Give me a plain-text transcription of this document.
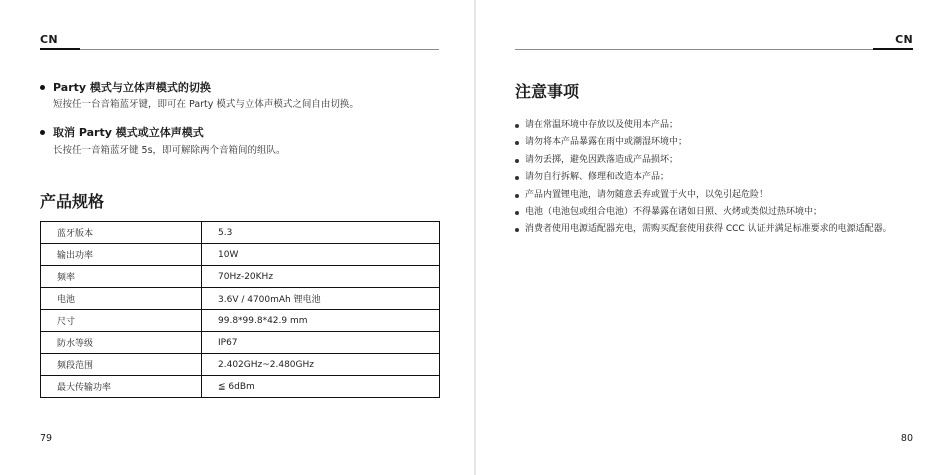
CN
Party 模式与立体声模式的切换
短按任一台音箱蓝牙键，即可在 Party 模式与立体声模式之间自由切换。
取消 Party 模式或立体声模式
长按任一音箱蓝牙键 5s，即可解除两个音箱间的组队。
产品规格
蓝牙版本	5.3
输出功率	10W
频率	70Hz-20KHz
电池	3.6V / 4700mAh 锂电池
尺寸	99.8*99.8*42.9 mm
防水等级	IP67
频段范围	2.402GHz~2.480GHz
最大传输功率	≦ 6dBm
79
CN
注意事项
请在常温环境中存放以及使用本产品；
请勿将本产品暴露在雨中或潮湿环境中；
请勿丢掷，避免因跌落造成产品损坏；
请勿自行拆解、修理和改造本产品；
产品内置锂电池，请勿随意丢弃或置于火中，以免引起危险！
电池（电池包或组合电池）不得暴露在诸如日照、火烤或类似过热环境中；
消费者使用电源适配器充电，需购买配套使用获得 CCC 认证并满足标准要求的电源适配器。
80
